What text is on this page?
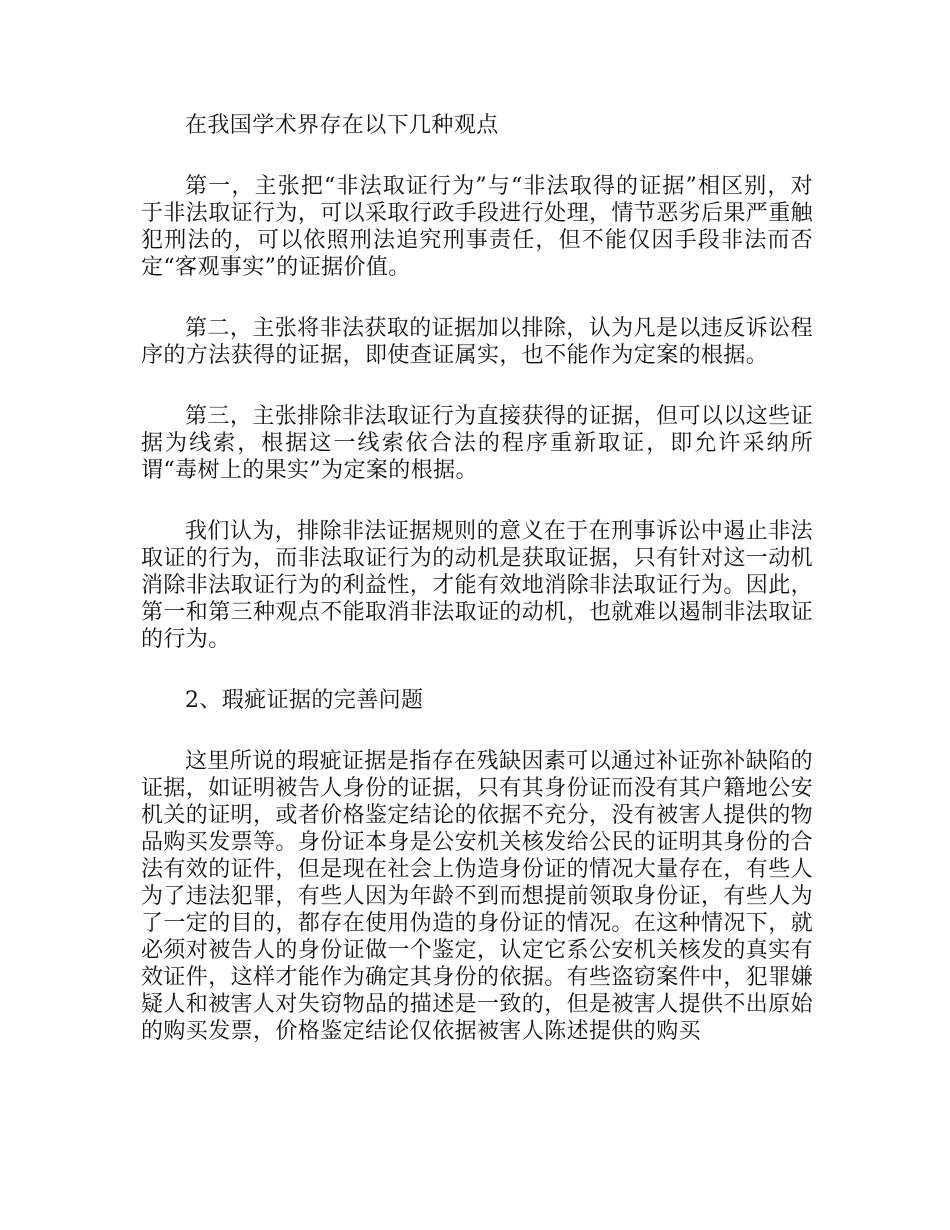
在我国学术界存在以下几种观点

第一，主张把“非法取证行为”与“非法取得的证据”相区别，对于非法取证行为，可以采取行政手段进行处理，情节恶劣后果严重触犯刑法的，可以依照刑法追究刑事责任，但不能仅因手段非法而否定“客观事实”的证据价值。

第二，主张将非法获取的证据加以排除，认为凡是以违反诉讼程序的方法获得的证据，即使查证属实，也不能作为定案的根据。

第三，主张排除非法取证行为直接获得的证据，但可以以这些证据为线索，根据这一线索依合法的程序重新取证，即允许采纳所谓“毒树上的果实”为定案的根据。

我们认为，排除非法证据规则的意义在于在刑事诉讼中遏止非法取证的行为，而非法取证行为的动机是获取证据，只有针对这一动机消除非法取证行为的利益性，才能有效地消除非法取证行为。因此，第一和第三种观点不能取消非法取证的动机，也就难以遏制非法取证的行为。

2、瑕疵证据的完善问题

这里所说的瑕疵证据是指存在残缺因素可以通过补证弥补缺陷的证据，如证明被告人身份的证据，只有其身份证而没有其户籍地公安机关的证明，或者价格鉴定结论的依据不充分，没有被害人提供的物品购买发票等。身份证本身是公安机关核发给公民的证明其身份的合法有效的证件，但是现在社会上伪造身份证的情况大量存在，有些人为了违法犯罪，有些人因为年龄不到而想提前领取身份证，有些人为了一定的目的，都存在使用伪造的身份证的情况。在这种情况下，就必须对被告人的身份证做一个鉴定，认定它系公安机关核发的真实有效证件，这样才能作为确定其身份的依据。有些盗窃案件中，犯罪嫌疑人和被害人对失窃物品的描述是一致的，但是被害人提供不出原始的购买发票，价格鉴定结论仅依据被害人陈述提供的购买
